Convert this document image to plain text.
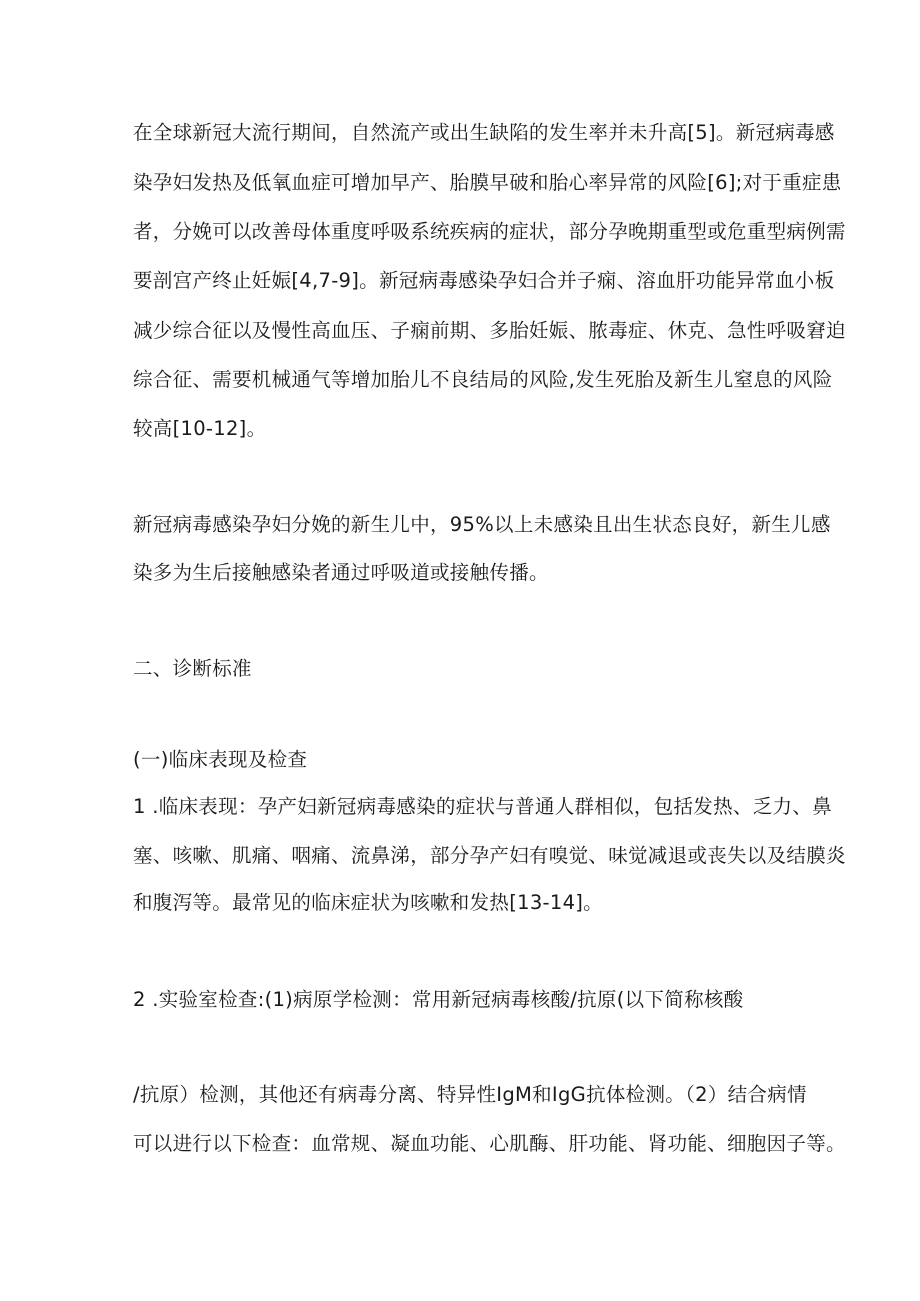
在全球新冠大流行期间，自然流产或出生缺陷的发生率并未升高[5]。新冠病毒感
染孕妇发热及低氧血症可增加早产、胎膜早破和胎心率异常的风险[6];对于重症患
者，分娩可以改善母体重度呼吸系统疾病的症状，部分孕晚期重型或危重型病例需
要剖宫产终止妊娠[4,7-9]。新冠病毒感染孕妇合并子痫、溶血肝功能异常血小板
减少综合征以及慢性高血压、子痫前期、多胎妊娠、脓毒症、休克、急性呼吸窘迫
综合征、需要机械通气等增加胎儿不良结局的风险,发生死胎及新生儿窒息的风险
较高[10-12]。
新冠病毒感染孕妇分娩的新生儿中，95%以上未感染且出生状态良好，新生儿感
染多为生后接触感染者通过呼吸道或接触传播。
二、诊断标准
(一)临床表现及检查
1 .临床表现：孕产妇新冠病毒感染的症状与普通人群相似，包括发热、乏力、鼻
塞、咳嗽、肌痛、咽痛、流鼻涕，部分孕产妇有嗅觉、味觉减退或丧失以及结膜炎
和腹泻等。最常见的临床症状为咳嗽和发热[13-14]。
2 .实验室检查:(1)病原学检测：常用新冠病毒核酸/抗原(以下简称核酸
/抗原）检测，其他还有病毒分离、特异性IgM和IgG抗体检测。（2）结合病情
可以进行以下检查：血常规、凝血功能、心肌酶、肝功能、肾功能、细胞因子等。
